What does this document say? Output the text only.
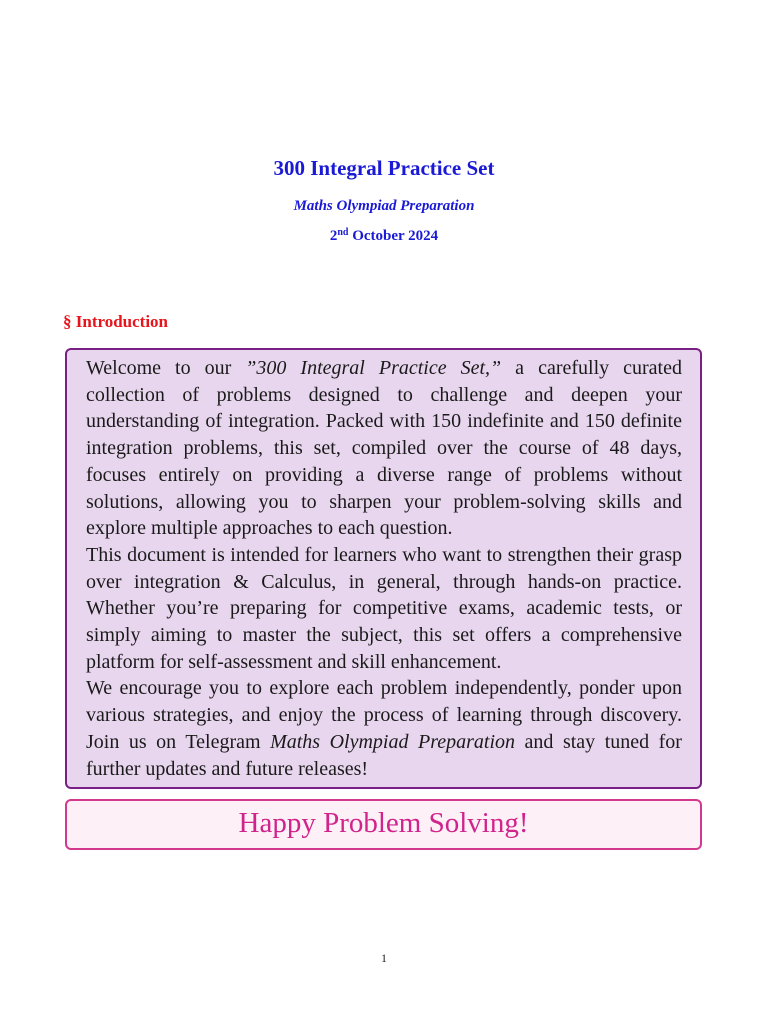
300 Integral Practice Set
Maths Olympiad Preparation
2nd October 2024
§ Introduction

Welcome to our ”300 Integral Practice Set,” a carefully curated collection of problems designed to challenge and deepen your understanding of integration. Packed with 150 indefinite and 150 definite integration problems, this set, compiled over the course of 48 days, focuses entirely on providing a diverse range of problems without solutions, allowing you to sharpen your problem-solving skills and explore multiple approaches to each question.

This document is intended for learners who want to strengthen their grasp over integration & Calculus, in general, through hands-on practice. Whether you’re preparing for competitive exams, academic tests, or simply aiming to master the subject, this set offers a comprehensive platform for self-assessment and skill enhancement.

We encourage you to explore each problem independently, ponder upon various strategies, and enjoy the process of learning through discovery. Join us on Telegram Maths Olympiad Preparation and stay tuned for further updates and future releases!

Happy Problem Solving!
1
